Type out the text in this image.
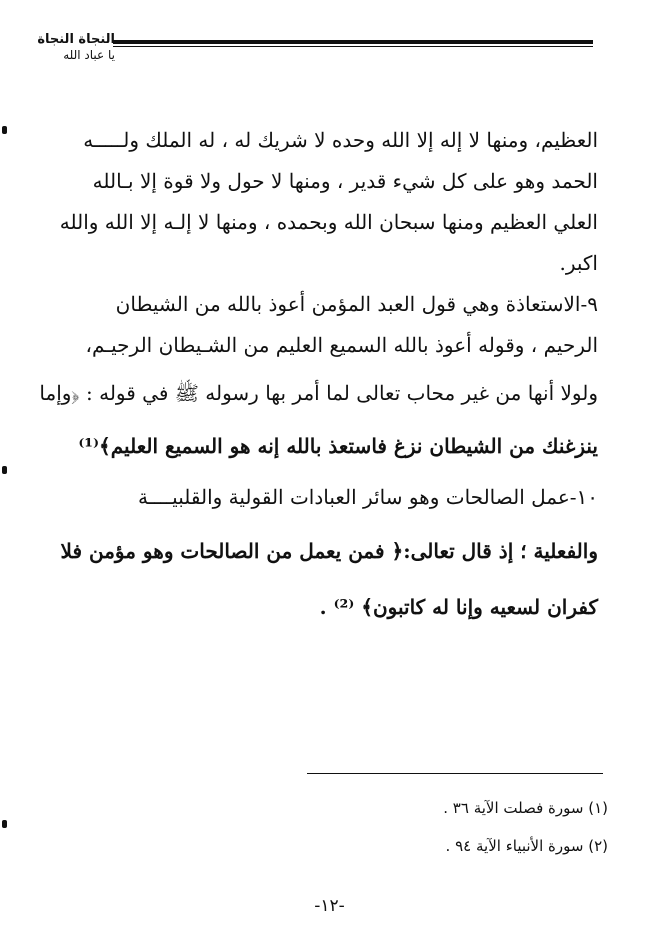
النجاة النجاة
يا عباد الله

العظيم، ومنها لا إله إلا الله وحده لا شريك له ، له الملك ولـــــه
الحمد وهو على كل شيء قدير ، ومنها لا حول ولا قوة إلا بـالله
العلي العظيم ومنها سبحان الله وبحمده ، ومنها لا إلـه إلا الله والله
اكبر.

٩-الاستعاذة وهي قول العبد المؤمن أعوذ بالله من الشيطان
الرحيم ، وقوله أعوذ بالله السميع العليم من الشـيطان الرجيـم،
ولولا أنها من غير محاب تعالى لما أمر بها رسوله ﷺ في قوله : ﴿وإما
ينزغنك من الشيطان نزغ فاستعذ بالله إنه هو السميع العليم﴾⁽¹⁾

١٠-عمل الصالحات وهو سائر العبادات القولية والقلبيــــة
والفعلية ؛ إذ قال تعالى:﴿ فمن يعمل من الصالحات وهو مؤمن فلا
كفران لسعيه وإنا له كاتبون﴾ ⁽²⁾ .

(١) سورة فصلت الآية ٣٦ .
(٢) سورة الأنبياء الآية ٩٤ .
-١٢-
